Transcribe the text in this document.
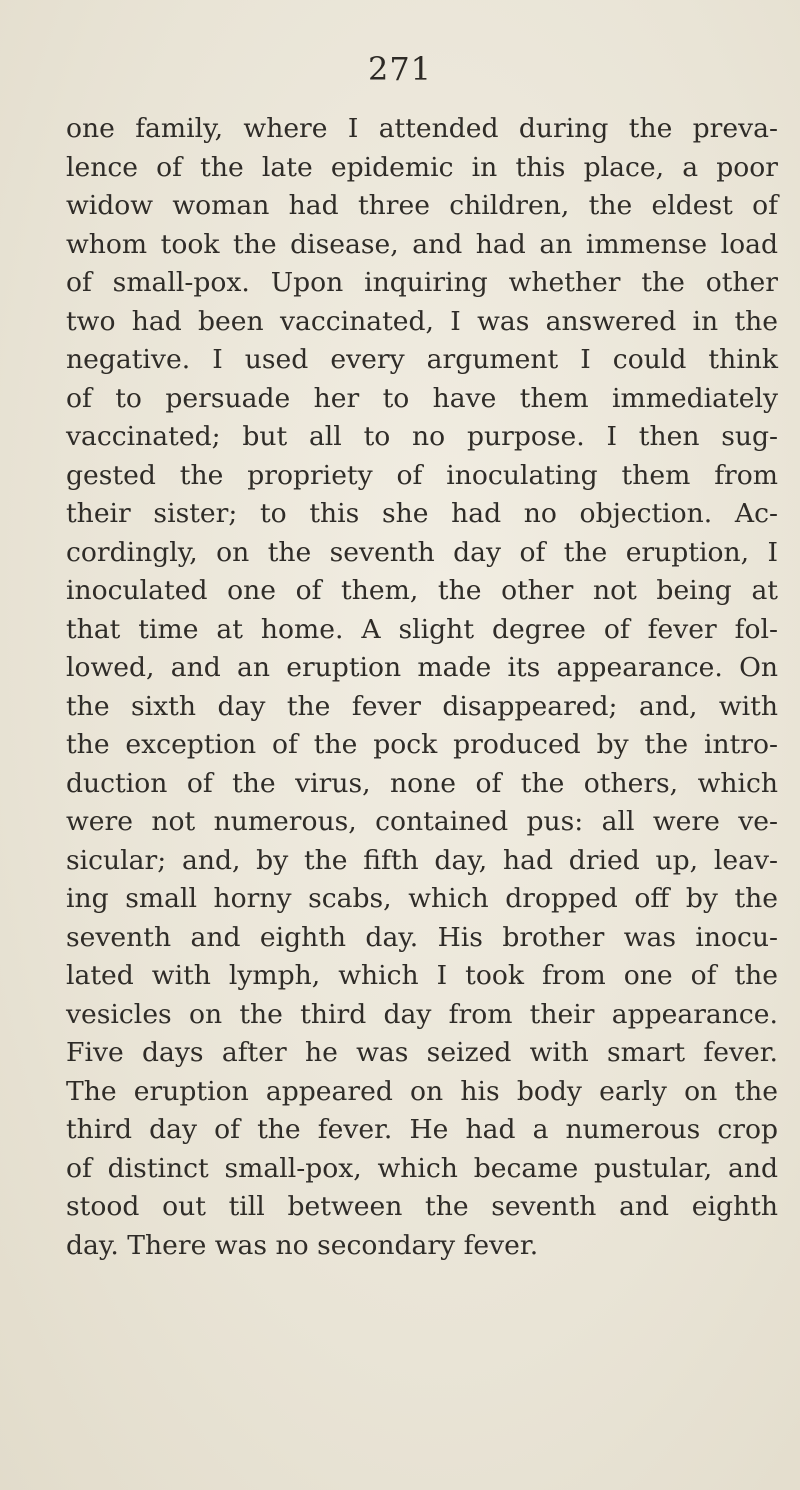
271
one family, where I attended during the preva-
lence of the late epidemic in this place, a poor
widow woman had three children, the eldest of
whom took the disease, and had an immense load
of small-pox. Upon inquiring whether the other
two had been vaccinated, I was answered in the
negative. I used every argument I could think
of to persuade her to have them immediately
vaccinated; but all to no purpose. I then sug-
gested the propriety of inoculating them from
their sister; to this she had no objection. Ac-
cordingly, on the seventh day of the eruption, I
inoculated one of them, the other not being at
that time at home. A slight degree of fever fol-
lowed, and an eruption made its appearance. On
the sixth day the fever disappeared; and, with
the exception of the pock produced by the intro-
duction of the virus, none of the others, which
were not numerous, contained pus: all were ve-
sicular; and, by the fifth day, had dried up, leav-
ing small horny scabs, which dropped off by the
seventh and eighth day. His brother was inocu-
lated with lymph, which I took from one of the
vesicles on the third day from their appearance.
Five days after he was seized with smart fever.
The eruption appeared on his body early on the
third day of the fever. He had a numerous crop
of distinct small-pox, which became pustular, and
stood out till between the seventh and eighth
day. There was no secondary fever.
